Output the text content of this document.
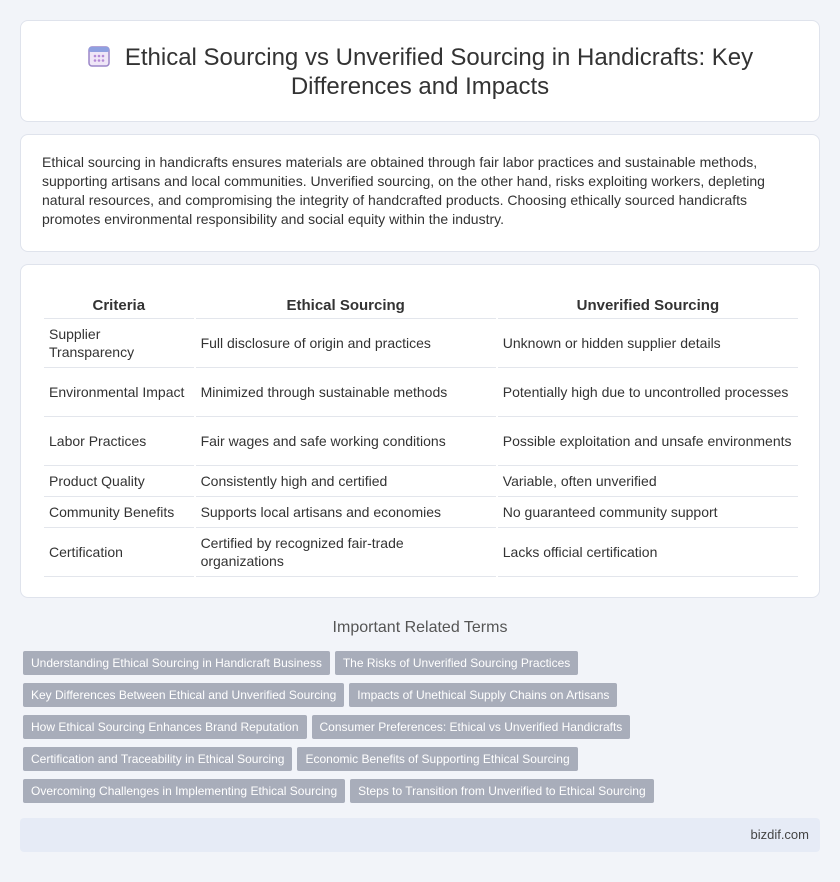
Ethical Sourcing vs Unverified Sourcing in Handicrafts: Key Differences and Impacts

Ethical sourcing in handicrafts ensures materials are obtained through fair labor practices and sustainable methods, supporting artisans and local communities. Unverified sourcing, on the other hand, risks exploiting workers, depleting natural resources, and compromising the integrity of handcrafted products. Choosing ethically sourced handicrafts promotes environmental responsibility and social equity within the industry.

Criteria	Ethical Sourcing	Unverified Sourcing
Supplier Transparency	Full disclosure of origin and practices	Unknown or hidden supplier details
Environmental Impact	Minimized through sustainable methods	Potentially high due to uncontrolled processes
Labor Practices	Fair wages and safe working conditions	Possible exploitation and unsafe environments
Product Quality	Consistently high and certified	Variable, often unverified
Community Benefits	Supports local artisans and economies	No guaranteed community support
Certification	Certified by recognized fair-trade organizations	Lacks official certification
Important Related Terms
Understanding Ethical Sourcing in Handicraft Business The Risks of Unverified Sourcing Practices
Key Differences Between Ethical and Unverified Sourcing Impacts of Unethical Supply Chains on Artisans
How Ethical Sourcing Enhances Brand Reputation Consumer Preferences: Ethical vs Unverified Handicrafts
Certification and Traceability in Ethical Sourcing Economic Benefits of Supporting Ethical Sourcing
Overcoming Challenges in Implementing Ethical Sourcing Steps to Transition from Unverified to Ethical Sourcing
bizdif.com
